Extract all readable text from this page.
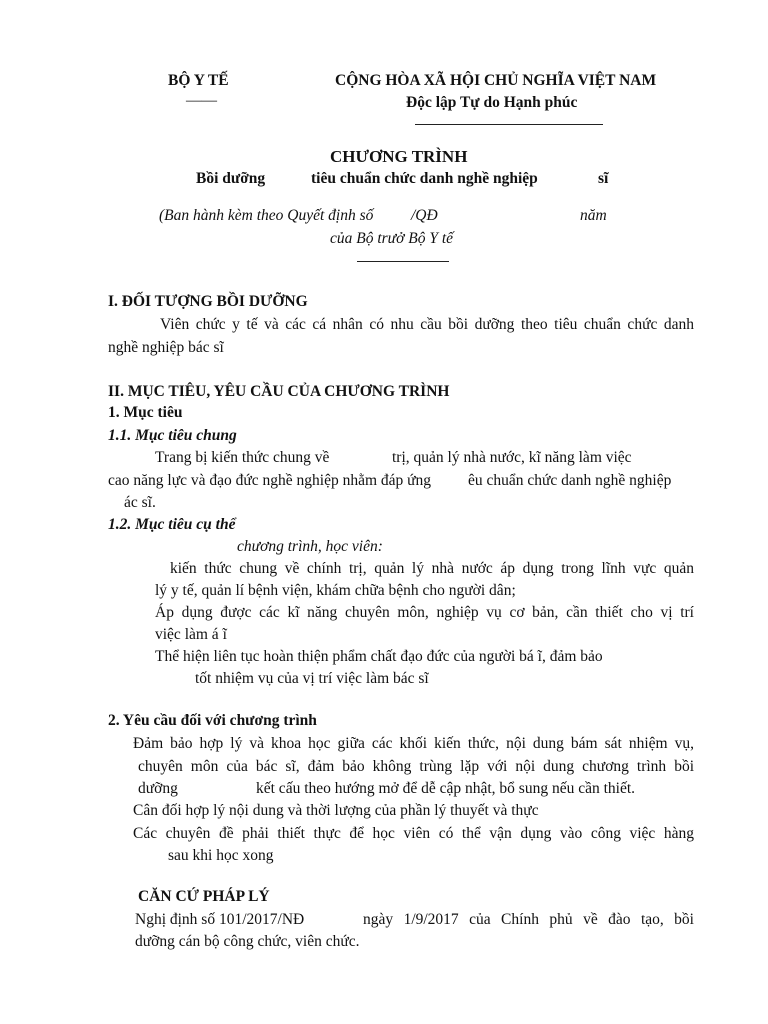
BỘ Y TẾ
——
CỘNG HÒA XÃ HỘI CHỦ NGHĨA VIỆT NAM
Độc lập Tự do Hạnh phúc
CHƯƠNG TRÌNH
Bồi dưỡng	tiêu chuẩn chức danh nghề nghiệp	sĩ
(Ban hành kèm theo Quyết định số /QĐ	năm
của Bộ trưở Bộ Y tế
I. ĐỐI TƯỢNG BỒI DƯỠNG
Viên chức y tế và các cá nhân có nhu cầu bồi dưỡng theo tiêu chuẩn chức danh
nghề nghiệp bác sĩ
II. MỤC TIÊU, YÊU CẦU CỦA CHƯƠNG TRÌNH
1. Mục tiêu
1.1. Mục tiêu chung
Trang bị kiến thức chung về	trị, quản lý nhà nước, kĩ năng làm việc
cao năng lực và đạo đức nghề nghiệp nhằm đáp ứng êu chuẩn chức danh nghề nghiệp
ác sĩ.
1.2. Mục tiêu cụ thể
chương trình, học viên:
kiến thức chung về chính trị, quản lý nhà nước áp dụng trong lĩnh vực quản
lý y tế, quản lí bệnh viện, khám chữa bệnh cho người dân;
Áp dụng được các kĩ năng chuyên môn, nghiệp vụ cơ bản, cần thiết cho vị trí
việc làm á ĩ
Thể hiện liên tục hoàn thiện phẩm chất đạo đức của người bá ĩ, đảm bảo
tốt nhiệm vụ của vị trí việc làm bác sĩ
2. Yêu cầu đối với chương trình
Đảm bảo hợp lý và khoa học giữa các khối kiến thức, nội dung bám sát nhiệm vụ,
chuyên môn của bác sĩ, đảm bảo không trùng lặp với nội dung chương trình bồi
dưỡng	kết cấu theo hướng mở để dễ cập nhật, bổ sung nếu cần thiết.
Cân đối hợp lý nội dung và thời lượng của phần lý thuyết và thực
Các chuyên đề phải thiết thực để học viên có thể vận dụng vào công việc hàng
sau khi học xong
CĂN CỨ PHÁP LÝ
Nghị định số 101/2017/NĐ	ngày 1/9/2017 của Chính phủ về đào tạo, bồi
dưỡng cán bộ công chức, viên chức.
